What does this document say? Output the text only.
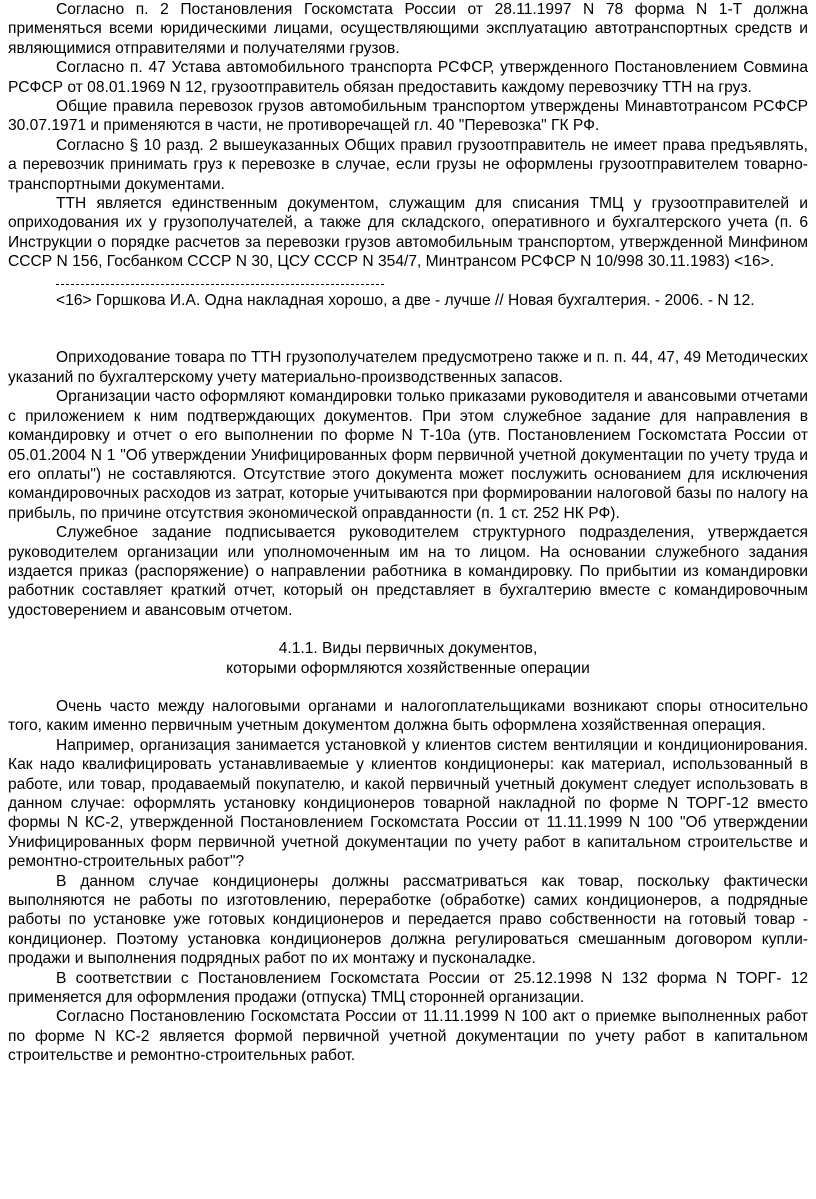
Согласно п. 2 Постановления Госкомстата России от 28.11.1997 N 78 форма N 1-Т должна применяться всеми юридическими лицами, осуществляющими эксплуатацию автотранспортных средств и являющимися отправителями и получателями грузов.

Согласно п. 47 Устава автомобильного транспорта РСФСР, утвержденного Постановлением Совмина РСФСР от 08.01.1969 N 12, грузоотправитель обязан предоставить каждому перевозчику ТТН на груз.

Общие правила перевозок грузов автомобильным транспортом утверждены Минавтотрансом РСФСР 30.07.1971 и применяются в части, не противоречащей гл. 40 "Перевозка" ГК РФ.

Согласно § 10 разд. 2 вышеуказанных Общих правил грузоотправитель не имеет права предъявлять, а перевозчик принимать груз к перевозке в случае, если грузы не оформлены грузоотправителем товарно-транспортными документами.

ТТН является единственным документом, служащим для списания ТМЦ у грузоотправителей и оприходования их у грузополучателей, а также для складского, оперативного и бухгалтерского учета (п. 6 Инструкции о порядке расчетов за перевозки грузов автомобильным транспортом, утвержденной Минфином СССР N 156, Госбанком СССР N 30, ЦСУ СССР N 354/7, Минтрансом РСФСР N 10/998 30.11.1983) <16>.

<16> Горшкова И.А. Одна накладная хорошо, а две - лучше // Новая бухгалтерия. - 2006. - N 12.

Оприходование товара по ТТН грузополучателем предусмотрено также и п. п. 44, 47, 49 Методических указаний по бухгалтерскому учету материально-производственных запасов.

Организации часто оформляют командировки только приказами руководителя и авансовыми отчетами с приложением к ним подтверждающих документов. При этом служебное задание для направления в командировку и отчет о его выполнении по форме N Т-10а (утв. Постановлением Госкомстата России от 05.01.2004 N 1 "Об утверждении Унифицированных форм первичной учетной документации по учету труда и его оплаты") не составляются. Отсутствие этого документа может послужить основанием для исключения командировочных расходов из затрат, которые учитываются при формировании налоговой базы по налогу на прибыль, по причине отсутствия экономической оправданности (п. 1 ст. 252 НК РФ).

Служебное задание подписывается руководителем структурного подразделения, утверждается руководителем организации или уполномоченным им на то лицом. На основании служебного задания издается приказ (распоряжение) о направлении работника в командировку. По прибытии из командировки работник составляет краткий отчет, который он представляет в бухгалтерию вместе с командировочным удостоверением и авансовым отчетом.

4.1.1. Виды первичных документов,
которыми оформляются хозяйственные операции

Очень часто между налоговыми органами и налогоплательщиками возникают споры относительно того, каким именно первичным учетным документом должна быть оформлена хозяйственная операция.

Например, организация занимается установкой у клиентов систем вентиляции и кондиционирования. Как надо квалифицировать устанавливаемые у клиентов кондиционеры: как материал, использованный в работе, или товар, продаваемый покупателю, и какой первичный учетный документ следует использовать в данном случае: оформлять установку кондиционеров товарной накладной по форме N ТОРГ-12 вместо формы N КС-2, утвержденной Постановлением Госкомстата России от 11.11.1999 N 100 "Об утверждении Унифицированных форм первичной учетной документации по учету работ в капитальном строительстве и ремонтно-строительных работ"?

В данном случае кондиционеры должны рассматриваться как товар, поскольку фактически выполняются не работы по изготовлению, переработке (обработке) самих кондиционеров, а подрядные работы по установке уже готовых кондиционеров и передается право собственности на готовый товар - кондиционер. Поэтому установка кондиционеров должна регулироваться смешанным договором купли-продажи и выполнения подрядных работ по их монтажу и пусконаладке.

В соответствии с Постановлением Госкомстата России от 25.12.1998 N 132 форма N ТОРГ- 12 применяется для оформления продажи (отпуска) ТМЦ сторонней организации.

Согласно Постановлению Госкомстата России от 11.11.1999 N 100 акт о приемке выполненных работ по форме N КС-2 является формой первичной учетной документации по учету работ в капитальном строительстве и ремонтно-строительных работ.
